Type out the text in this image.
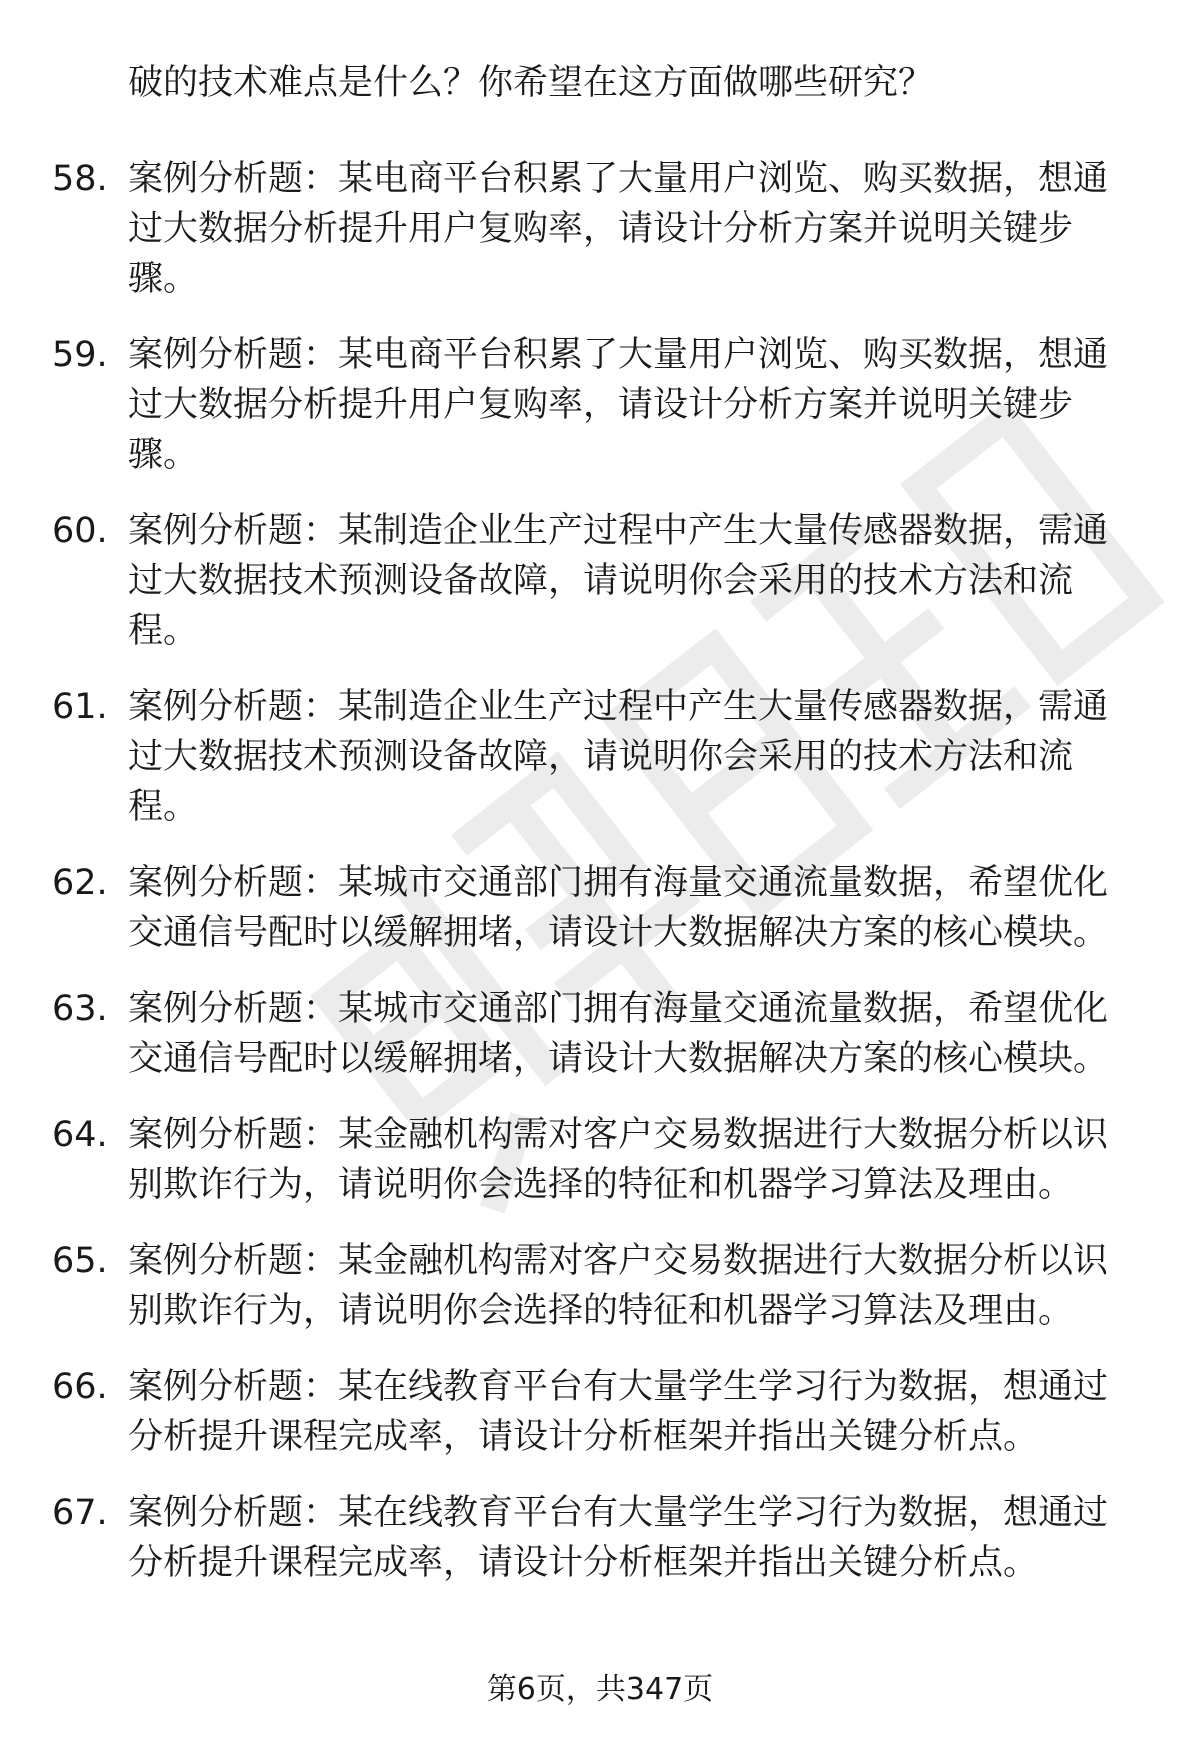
破的技术难点是什么？你希望在这方面做哪些研究？
58. 案例分析题：某电商平台积累了大量用户浏览、购买数据，想通过大数据分析提升用户复购率，请设计分析方案并说明关键步骤。
59. 案例分析题：某电商平台积累了大量用户浏览、购买数据，想通过大数据分析提升用户复购率，请设计分析方案并说明关键步骤。
60. 案例分析题：某制造企业生产过程中产生大量传感器数据，需通过大数据技术预测设备故障，请说明你会采用的技术方法和流程。
61. 案例分析题：某制造企业生产过程中产生大量传感器数据，需通过大数据技术预测设备故障，请说明你会采用的技术方法和流程。
62. 案例分析题：某城市交通部门拥有海量交通流量数据，希望优化交通信号配时以缓解拥堵，请设计大数据解决方案的核心模块。
63. 案例分析题：某城市交通部门拥有海量交通流量数据，希望优化交通信号配时以缓解拥堵，请设计大数据解决方案的核心模块。
64. 案例分析题：某金融机构需对客户交易数据进行大数据分析以识别欺诈行为，请说明你会选择的特征和机器学习算法及理由。
65. 案例分析题：某金融机构需对客户交易数据进行大数据分析以识别欺诈行为，请说明你会选择的特征和机器学习算法及理由。
66. 案例分析题：某在线教育平台有大量学生学习行为数据，想通过分析提升课程完成率，请设计分析框架并指出关键分析点。
67. 案例分析题：某在线教育平台有大量学生学习行为数据，想通过分析提升课程完成率，请设计分析框架并指出关键分析点。
第6页，共347页
